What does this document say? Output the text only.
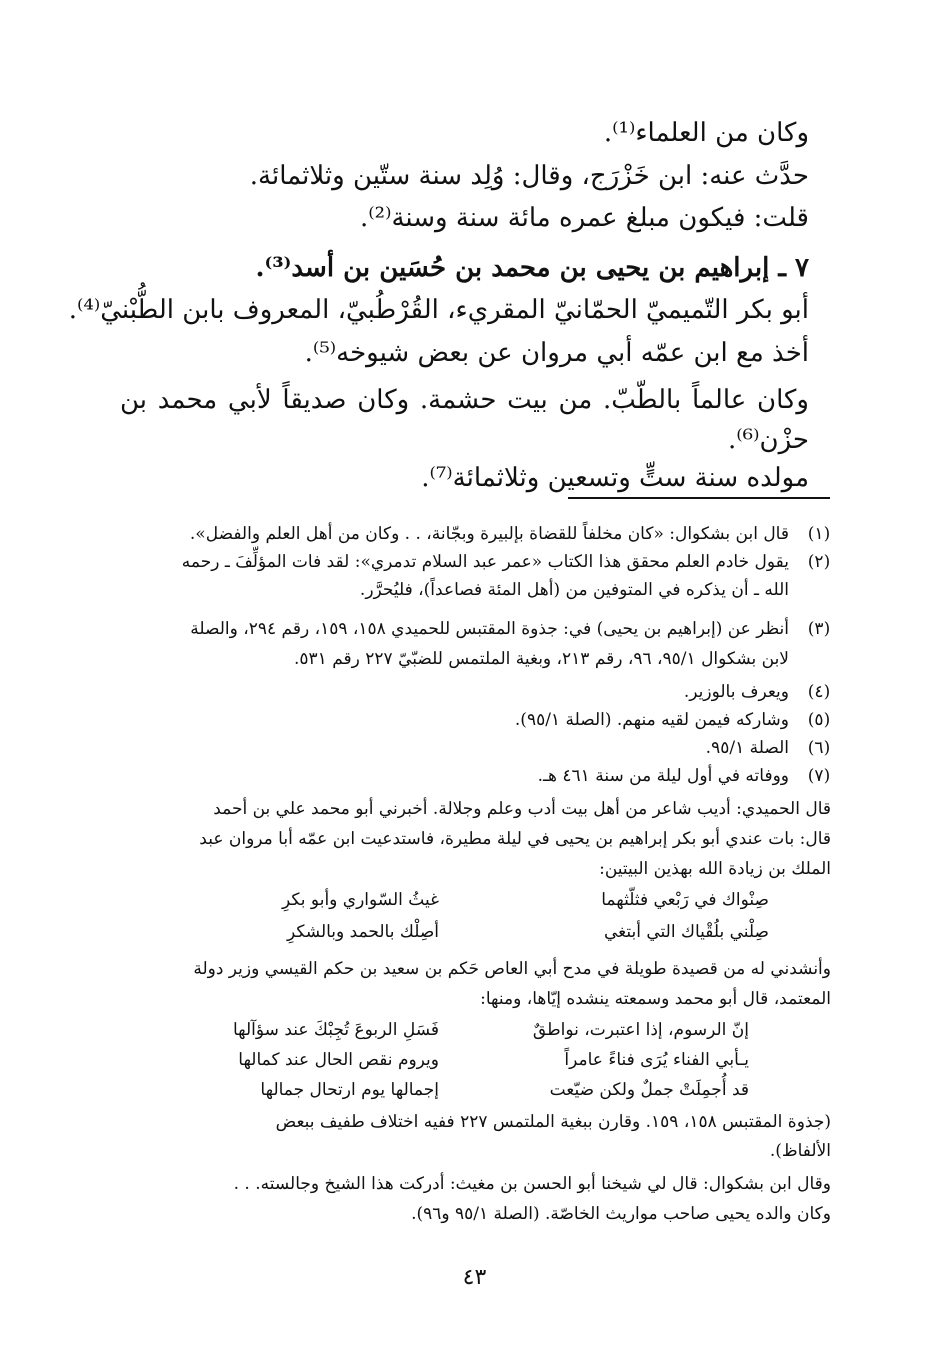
وكان من العلماء⁽¹⁾.
حدَّث عنه: ابن خَزْرَج، وقال: وُلِد سنة ستّين وثلاثمائة.
قلت: فيكون مبلغ عمره مائة سنة وسنة⁽²⁾.
٧ ـ إبراهيم بن يحيى بن محمد بن حُسَين بن أسد⁽³⁾.
أبو بكر التّميميّ الحمّانيّ المقريء، القُرْطُبيّ، المعروف بابن الطُّبْنيّ⁽⁴⁾.
أخذ مع ابن عمّه أبي مروان عن بعض شيوخه⁽⁵⁾.
وكان عالماً بالطّبّ. من بيت حشمة. وكان صديقاً لأبي محمد بن
حزْن⁽⁶⁾.
مولده سنة ستٍّ وتسعين وثلاثمائة⁽⁷⁾.
(١)
قال ابن بشكوال: «كان مخلفاً للقضاة بإلبيرة وبجّانة، . . وكان من أهل العلم والفضل».
(٢)
يقول خادم العلم محقق هذا الكتاب «عمر عبد السلام تدمري»: لقد فات المؤلِّفَ ـ رحمه
الله ـ أن يذكره في المتوفين من (أهل المئة فصاعداً)، فليُحرَّر.
(٣)
أنظر عن (إبراهيم بن يحيى) في: جذوة المقتبس للحميدي ١٥٨، ١٥٩، رقم ٢٩٤، والصلة
لابن بشكوال ٩٥/١، ٩٦، رقم ٢١٣، وبغية الملتمس للضبّيّ ٢٢٧ رقم ٥٣١.
(٤)
ويعرف بالوزير.
(٥)
وشاركه فيمن لقيه منهم. (الصلة ٩٥/١).
(٦)
الصلة ٩٥/١.
(٧)
ووفاته في أول ليلة من سنة ٤٦١ هـ.
قال الحميدي: أديب شاعر من أهل بيت أدب وعلم وجلالة. أخبرني أبو محمد علي بن أحمد
قال: بات عندي أبو بكر إبراهيم بن يحيى في ليلة مطيرة، فاستدعيت ابن عمّه أبا مروان عبد
الملك بن زيادة الله بهذين البيتين:
صِنْواك في رَبْعي فثلّثهما
غيثُ السّواري وأبو بكرِ
صِلْني بلُقْياك التي أبتغي
أصِلْك بالحمد وبالشكرِ
وأنشدني له من قصيدة طويلة في مدح أبي العاص حَكم بن سعيد بن حكم القيسي وزير دولة
المعتمد، قال أبو محمد وسمعته ينشده إيّاها، ومنها:
إنّ الرسوم، إذا اعتبرت، نواطقٌ
فَسَلِ الربوعَ تُجِبْكَ عند سؤآلها
يـأبي الفناء يُرَى فناءً عامراً
ويروم نقص الحال عند كمالها
قد أُجمِلَتْ جملٌ ولكن ضيّعت
إجمالها يوم ارتحال جمالها
(جذوة المقتبس ١٥٨، ١٥٩. وقارن ببغية الملتمس ٢٢٧ ففيه اختلاف طفيف ببعض
الألفاظ).
وقال ابن بشكوال: قال لي شيخنا أبو الحسن بن مغيث: أدركت هذا الشيخ وجالسته. . .
وكان والده يحيى صاحب مواريث الخاصّة. (الصلة ٩٥/١ و٩٦).
٤٣
